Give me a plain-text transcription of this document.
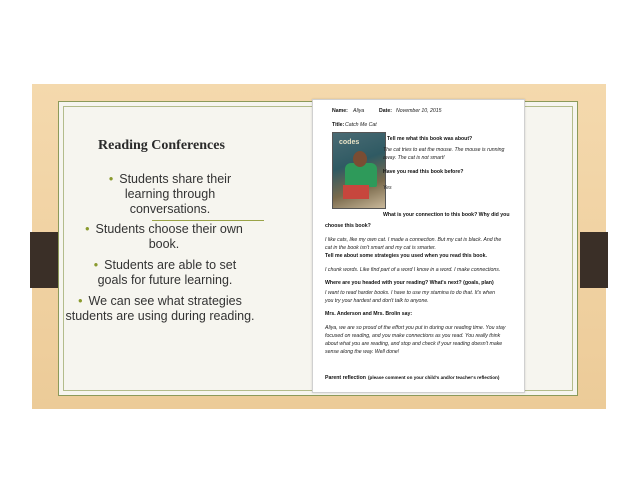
Reading Conferences
• Students share their learning through conversations.
• Students choose their own book.
• Students are able to set goals for future learning.
• We can see what strategies students are using during reading.
Name: Aliya	Date: November 10, 2015
Title: Catch Me Cat
codes	Tell me what this book was about?
The cat tries to eat the mouse. The mouse is running
away. The cat is not smart!
Have you read this book before?
Yes
What is your connection to this book? Why did you
choose this book?
I like cats, like my own cat. I made a connection. But my cat is black. And the
cat in the book isn't smart and my cat is smarter.
Tell me about some strategies you used when you read this book.
I chunk words. Like find part of a word I know in a word. I make connections.
Where are you headed with your reading? What's next? (goals, plan)
I want to read harder books. I have to use my stamina to do that. It's when
you try your hardest and don't talk to anyone.
Mrs. Anderson and Mrs. Brolin say:
Aliya, we are so proud of the effort you put in during our reading time. You stay
focused on reading, and you make connections as you read. You really think
about what you are reading, and stop and check if your reading doesn't make
sense along the way. Well done!
Parent reflection (please comment on your child's and/or teacher's reflection)
